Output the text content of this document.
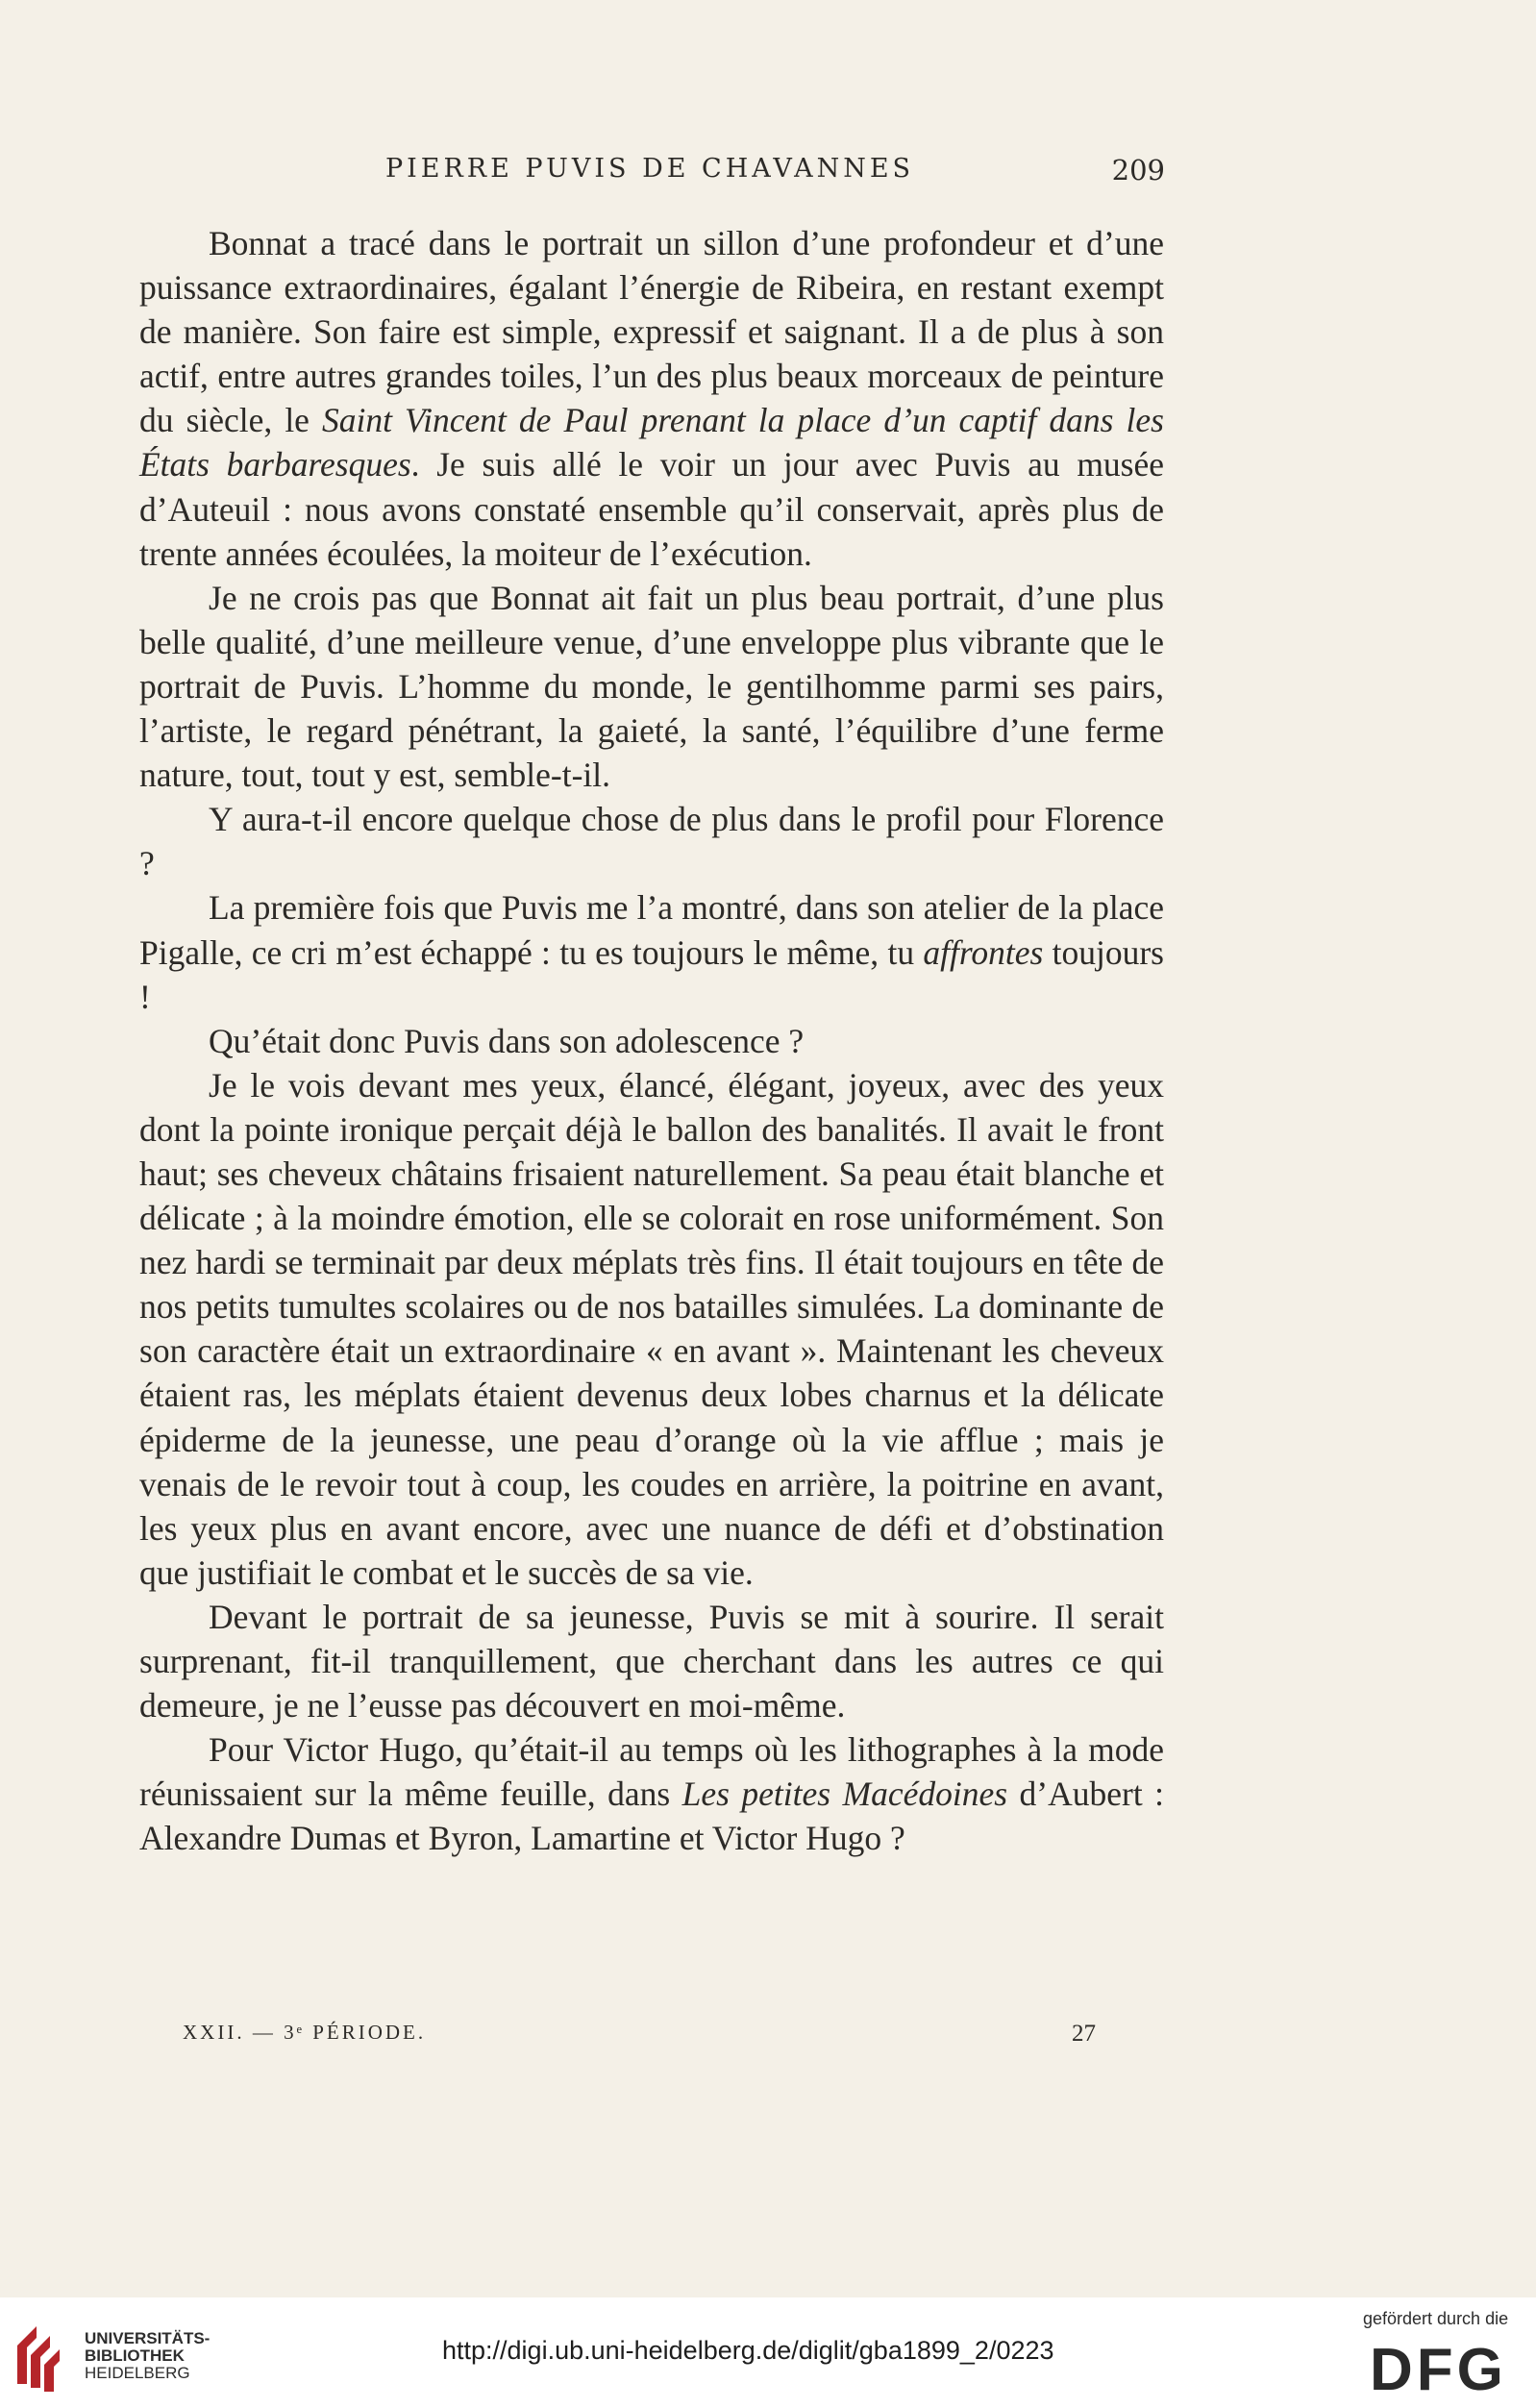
PIERRE PUVIS DE CHAVANNES	209

Bonnat a tracé dans le portrait un sillon d’une profondeur et d’une puissance extraordinaires, égalant l’énergie de Ribeira, en restant exempt de manière. Son faire est simple, expressif et saignant. Il a de plus à son actif, entre autres grandes toiles, l’un des plus beaux morceaux de peinture du siècle, le Saint Vincent de Paul prenant la place d’un captif dans les États barbaresques. Je suis allé le voir un jour avec Puvis au musée d’Auteuil : nous avons constaté ensemble qu’il conservait, après plus de trente années écoulées, la moiteur de l’exécution.

Je ne crois pas que Bonnat ait fait un plus beau portrait, d’une plus belle qualité, d’une meilleure venue, d’une enveloppe plus vibrante que le portrait de Puvis. L’homme du monde, le gentilhomme parmi ses pairs, l’artiste, le regard pénétrant, la gaieté, la santé, l’équilibre d’une ferme nature, tout, tout y est, semble-t-il.

Y aura-t-il encore quelque chose de plus dans le profil pour Florence ?

La première fois que Puvis me l’a montré, dans son atelier de la place Pigalle, ce cri m’est échappé : tu es toujours le même, tu affrontes toujours !

Qu’était donc Puvis dans son adolescence ?

Je le vois devant mes yeux, élancé, élégant, joyeux, avec des yeux dont la pointe ironique perçait déjà le ballon des banalités. Il avait le front haut; ses cheveux châtains frisaient naturellement. Sa peau était blanche et délicate ; à la moindre émotion, elle se colorait en rose uniformément. Son nez hardi se terminait par deux méplats très fins. Il était toujours en tête de nos petits tumultes scolaires ou de nos batailles simulées. La dominante de son caractère était un extraordinaire « en avant ». Maintenant les cheveux étaient ras, les méplats étaient devenus deux lobes charnus et la délicate épiderme de la jeunesse, une peau d’orange où la vie afflue ; mais je venais de le revoir tout à coup, les coudes en arrière, la poitrine en avant, les yeux plus en avant encore, avec une nuance de défi et d’obstination que justifiait le combat et le succès de sa vie.

Devant le portrait de sa jeunesse, Puvis se mit à sourire. Il serait surprenant, fit-il tranquillement, que cherchant dans les autres ce qui demeure, je ne l’eusse pas découvert en moi-même.

Pour Victor Hugo, qu’était-il au temps où les lithographes à la mode réunissaient sur la même feuille, dans Les petites Macédoines d’Aubert : Alexandre Dumas et Byron, Lamartine et Victor Hugo ?

XXII. — 3ᵉ PÉRIODE.	27
UNIVERSITÄTS-
BIBLIOTHEK
HEIDELBERG
http://digi.ub.uni-heidelberg.de/diglit/gba1899_2/0223
gefördert durch die
DFG
